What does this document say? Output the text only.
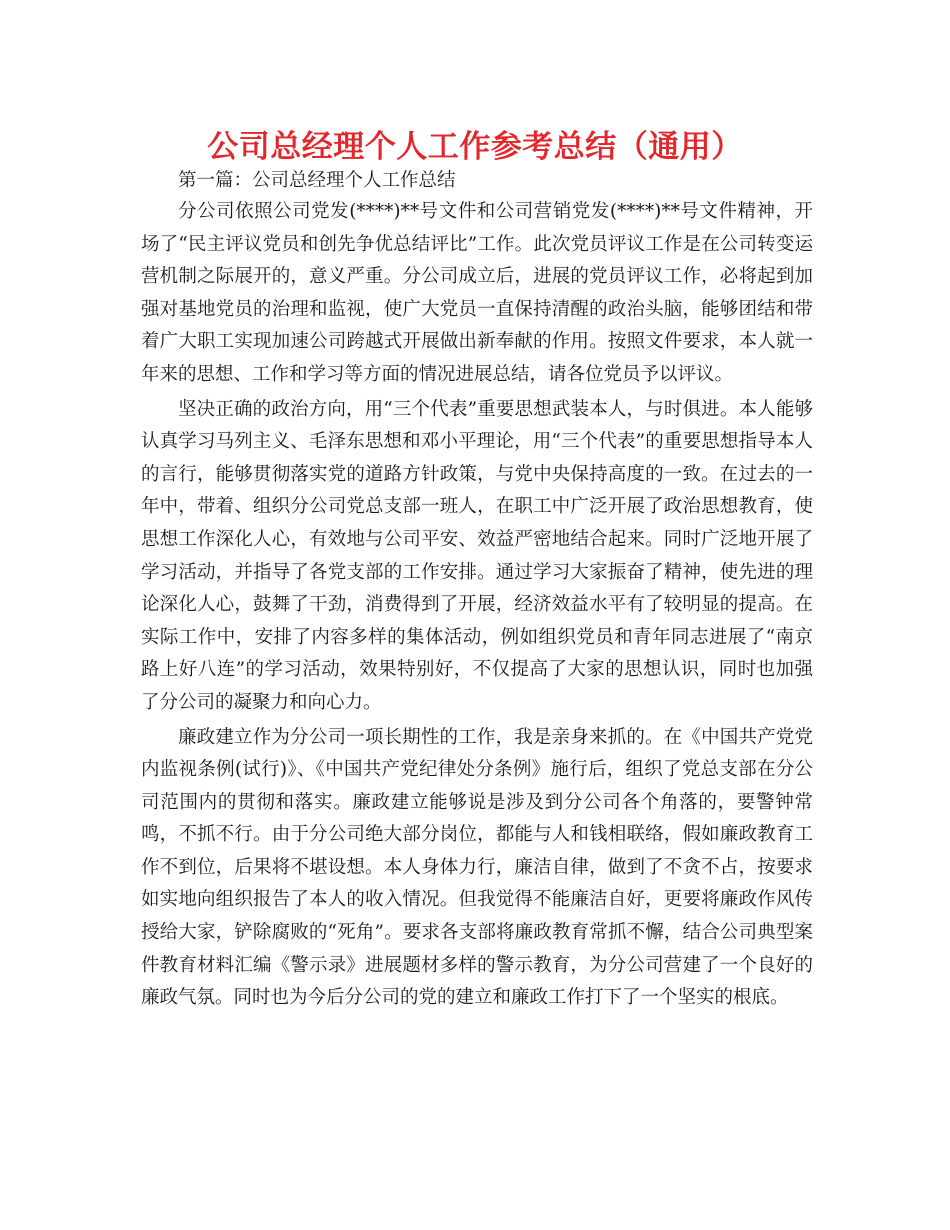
公司总经理个人工作参考总结（通用）

第一篇：公司总经理个人工作总结

分公司依照公司党发(****)**号文件和公司营销党发(****)**号文件精神，开场了“民主评议党员和创先争优总结评比”工作。此次党员评议工作是在公司转变运营机制之际展开的，意义严重。分公司成立后，进展的党员评议工作，必将起到加强对基地党员的治理和监视，使广大党员一直保持清醒的政治头脑，能够团结和带着广大职工实现加速公司跨越式开展做出新奉献的作用。按照文件要求，本人就一年来的思想、工作和学习等方面的情况进展总结，请各位党员予以评议。

坚决正确的政治方向，用“三个代表”重要思想武装本人，与时俱进。本人能够认真学习马列主义、毛泽东思想和邓小平理论，用“三个代表”的重要思想指导本人的言行，能够贯彻落实党的道路方针政策，与党中央保持高度的一致。在过去的一年中，带着、组织分公司党总支部一班人，在职工中广泛开展了政治思想教育，使思想工作深化人心，有效地与公司平安、效益严密地结合起来。同时广泛地开展了学习活动，并指导了各党支部的工作安排。通过学习大家振奋了精神，使先进的理论深化人心，鼓舞了干劲，消费得到了开展，经济效益水平有了较明显的提高。在实际工作中，安排了内容多样的集体活动，例如组织党员和青年同志进展了“南京路上好八连”的学习活动，效果特别好，不仅提高了大家的思想认识，同时也加强了分公司的凝聚力和向心力。

廉政建立作为分公司一项长期性的工作，我是亲身来抓的。在《中国共产党党内监视条例(试行)》、《中国共产党纪律处分条例》施行后，组织了党总支部在分公司范围内的贯彻和落实。廉政建立能够说是涉及到分公司各个角落的，要警钟常鸣，不抓不行。由于分公司绝大部分岗位，都能与人和钱相联络，假如廉政教育工作不到位，后果将不堪设想。本人身体力行，廉洁自律，做到了不贪不占，按要求如实地向组织报告了本人的收入情况。但我觉得不能廉洁自好，更要将廉政作风传授给大家，铲除腐败的“死角”。要求各支部将廉政教育常抓不懈，结合公司典型案件教育材料汇编《警示录》进展题材多样的警示教育，为分公司营建了一个良好的廉政气氛。同时也为今后分公司的党的建立和廉政工作打下了一个坚实的根底。
